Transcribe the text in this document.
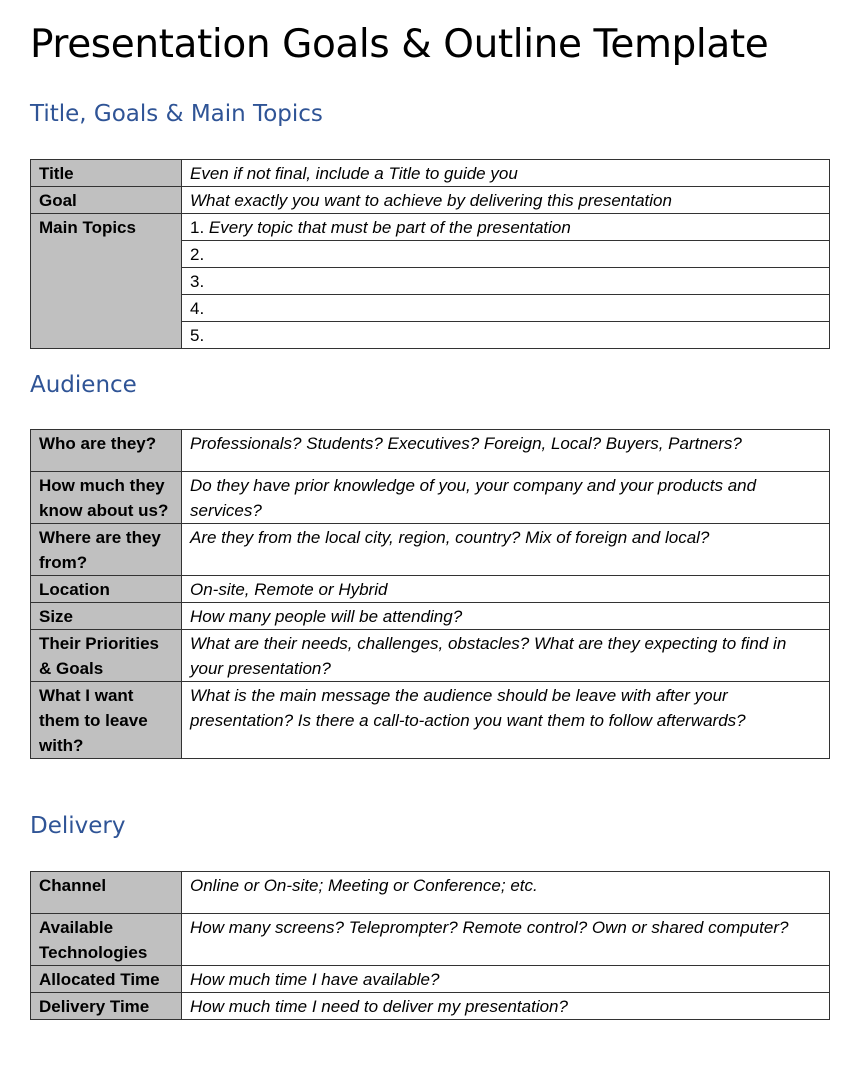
Presentation Goals & Outline Template
Title, Goals & Main Topics
Title	Even if not final, include a Title to guide you
Goal	What exactly you want to achieve by delivering this presentation
Main Topics	1. Every topic that must be part of the presentation
	2.
	3.
	4.
	5.
Audience
Who are they?	Professionals? Students? Executives? Foreign, Local? Buyers, Partners?
How much they know about us?	Do they have prior knowledge of you, your company and your products and services?
Where are they from?	Are they from the local city, region, country? Mix of foreign and local?
Location	On-site, Remote or Hybrid
Size	How many people will be attending?
Their Priorities & Goals	What are their needs, challenges, obstacles? What are they expecting to find in your presentation?
What I want them to leave with?	What is the main message the audience should be leave with after your presentation? Is there a call-to-action you want them to follow afterwards?
Delivery
Channel	Online or On-site; Meeting or Conference; etc.
Available Technologies	How many screens? Teleprompter? Remote control? Own or shared computer?
Allocated Time	How much time I have available?
Delivery Time	How much time I need to deliver my presentation?
